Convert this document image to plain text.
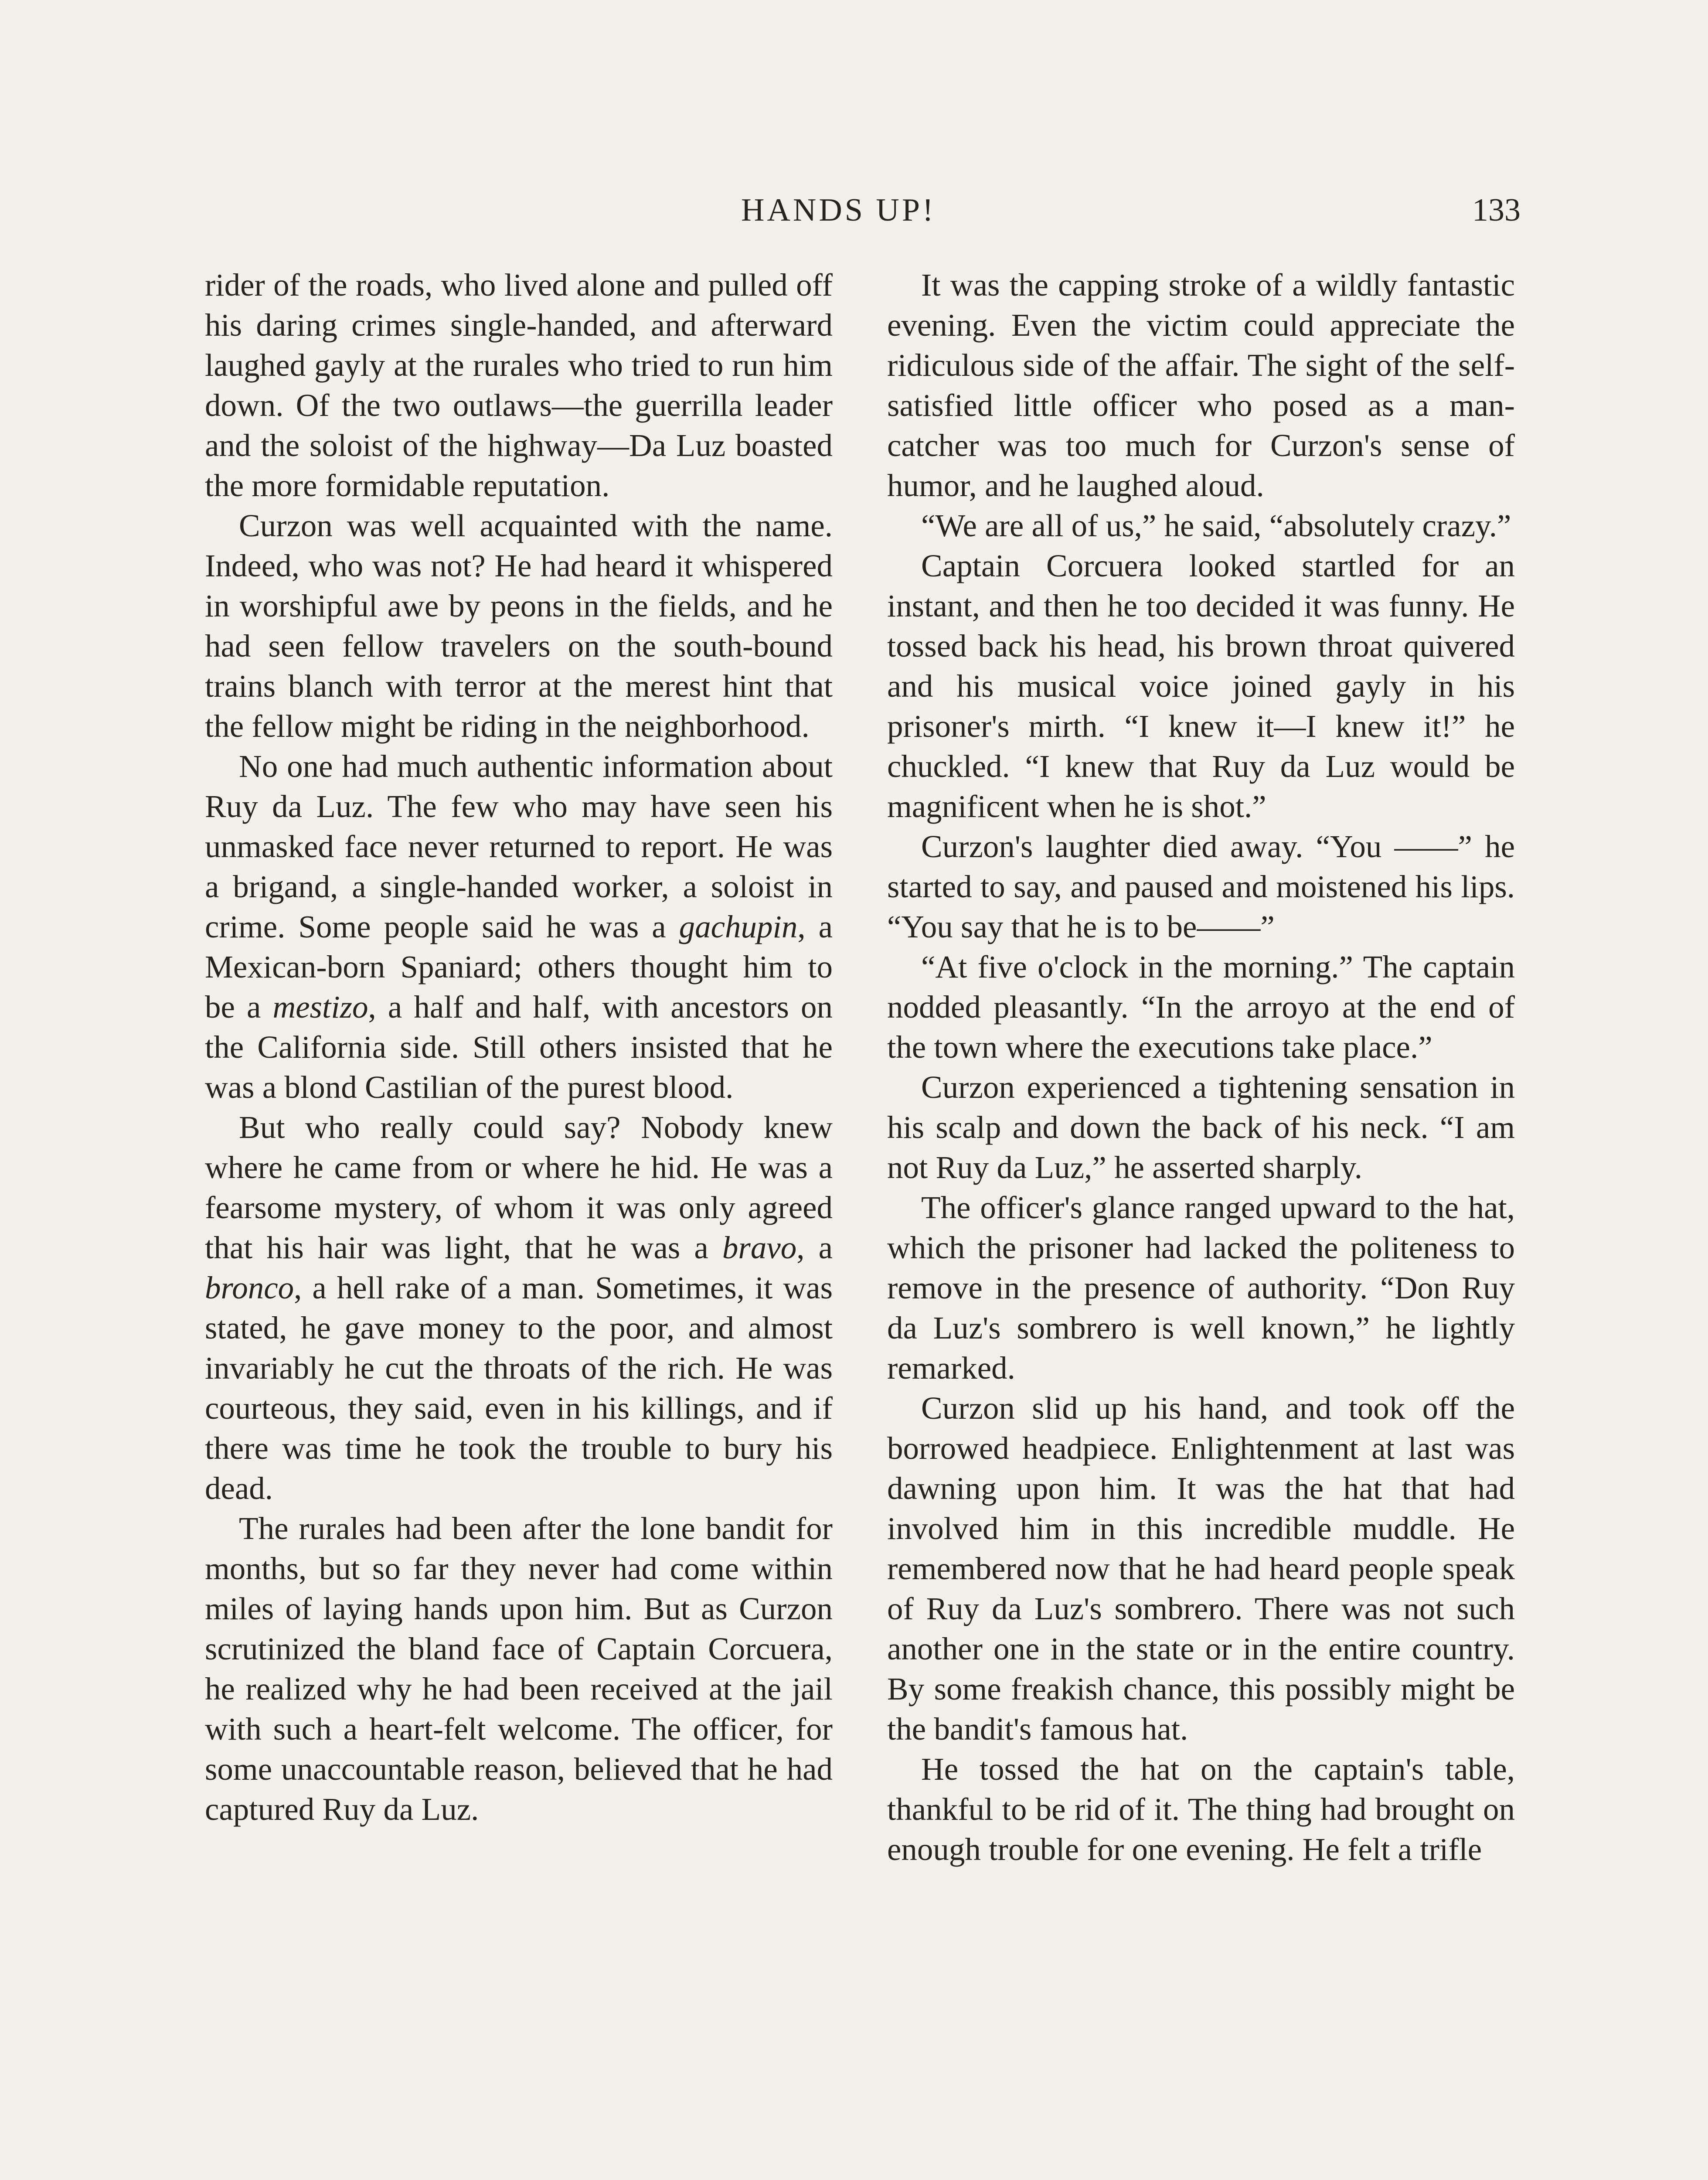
HANDS UP!	133

rider of the roads, who lived alone and pulled off his daring crimes single-handed, and afterward laughed gayly at the rurales who tried to run him down. Of the two outlaws—the guerrilla leader and the soloist of the highway—Da Luz boasted the more formidable reputation.

Curzon was well acquainted with the name. Indeed, who was not? He had heard it whispered in worshipful awe by peons in the fields, and he had seen fellow travelers on the south-bound trains blanch with terror at the merest hint that the fellow might be riding in the neighborhood.

No one had much authentic information about Ruy da Luz. The few who may have seen his unmasked face never returned to report. He was a brigand, a single-handed worker, a soloist in crime. Some people said he was a gachupin, a Mexican-born Spaniard; others thought him to be a mestizo, a half and half, with ancestors on the California side. Still others insisted that he was a blond Castilian of the purest blood.

But who really could say? Nobody knew where he came from or where he hid. He was a fearsome mystery, of whom it was only agreed that his hair was light, that he was a bravo, a bronco, a hell rake of a man. Sometimes, it was stated, he gave money to the poor, and almost invariably he cut the throats of the rich. He was courteous, they said, even in his killings, and if there was time he took the trouble to bury his dead.

The rurales had been after the lone bandit for months, but so far they never had come within miles of laying hands upon him. But as Curzon scrutinized the bland face of Captain Corcuera, he realized why he had been received at the jail with such a heart-felt welcome. The officer, for some unaccountable reason, believed that he had captured Ruy da Luz.

It was the capping stroke of a wildly fantastic evening. Even the victim could appreciate the ridiculous side of the affair. The sight of the self-satisfied little officer who posed as a man-catcher was too much for Curzon's sense of humor, and he laughed aloud.

“We are all of us,” he said, “absolutely crazy.”

Captain Corcuera looked startled for an instant, and then he too decided it was funny. He tossed back his head, his brown throat quivered and his musical voice joined gayly in his prisoner's mirth. “I knew it—I knew it!” he chuckled. “I knew that Ruy da Luz would be magnificent when he is shot.”

Curzon's laughter died away. “You ——” he started to say, and paused and moistened his lips. “You say that he is to be——”

“At five o'clock in the morning.” The captain nodded pleasantly. “In the arroyo at the end of the town where the executions take place.”

Curzon experienced a tightening sensation in his scalp and down the back of his neck. “I am not Ruy da Luz,” he asserted sharply.

The officer's glance ranged upward to the hat, which the prisoner had lacked the politeness to remove in the presence of authority. “Don Ruy da Luz's sombrero is well known,” he lightly remarked.

Curzon slid up his hand, and took off the borrowed headpiece. Enlightenment at last was dawning upon him. It was the hat that had involved him in this incredible muddle. He remembered now that he had heard people speak of Ruy da Luz's sombrero. There was not such another one in the state or in the entire country. By some freakish chance, this possibly might be the bandit's famous hat.

He tossed the hat on the captain's table, thankful to be rid of it. The thing had brought on enough trouble for one evening. He felt a trifle
